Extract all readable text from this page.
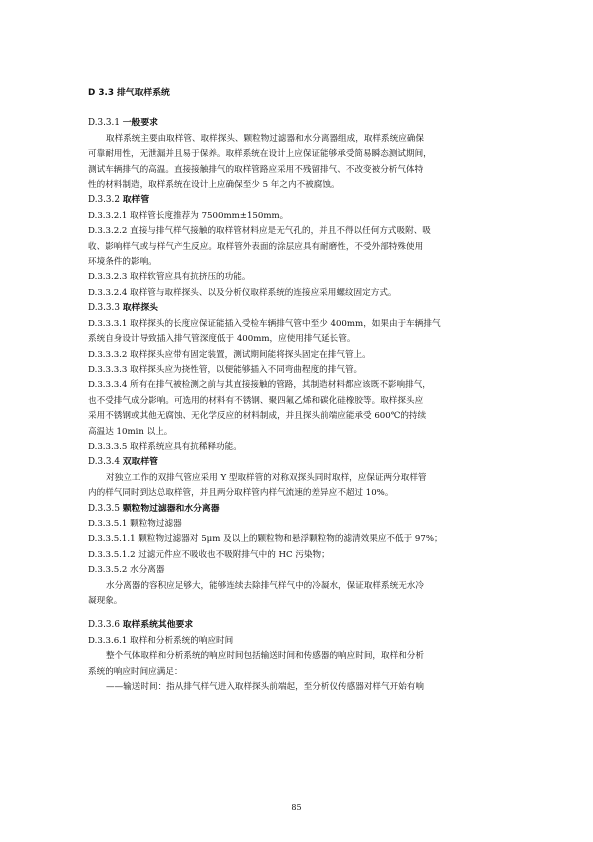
D 3.3 排气取样系统
D.3.3.1 一般要求
取样系统主要由取样管、取样探头、颗粒物过滤器和水分离器组成，取样系统应确保
可靠耐用性，无泄漏并且易于保养。取样系统在设计上应保证能够承受简易瞬态测试期间，
测试车辆排气的高温。直接接触排气的取样管路应采用不残留排气、不改变被分析气体特
性的材料制造，取样系统在设计上应确保至少 5 年之内不被腐蚀。
D.3.3.2 取样管
D.3.3.2.1 取样管长度推荐为 7500mm±150mm。
D.3.3.2.2 直接与排气样气接触的取样管材料应是无气孔的，并且不得以任何方式吸附、吸
收、影响样气或与样气产生反应。取样管外表面的涂层应具有耐磨性，不受外部特殊使用
环境条件的影响。
D.3.3.2.3 取样软管应具有抗挤压的功能。
D.3.3.2.4 取样管与取样探头、以及分析仪取样系统的连接应采用螺纹固定方式。
D.3.3.3 取样探头
D.3.3.3.1 取样探头的长度应保证能插入受检车辆排气管中至少 400mm，如果由于车辆排气
系统自身设计导致插入排气管深度低于 400mm，应使用排气延长管。
D.3.3.3.2 取样探头应带有固定装置，测试期间能将探头固定在排气管上。
D.3.3.3.3 取样探头应为挠性管，以便能够插入不同弯曲程度的排气管。
D.3.3.3.4 所有在排气被检测之前与其直接接触的管路，其制造材料都应该既不影响排气，
也不受排气成分影响。可选用的材料有不锈钢、聚四氟乙烯和碳化硅橡胶等。取样探头应
采用不锈钢或其他无腐蚀、无化学反应的材料制成，并且探头前端应能承受 600℃的持续
高温达 10min 以上。
D.3.3.3.5 取样系统应具有抗稀释功能。
D.3.3.4 双取样管
对独立工作的双排气管应采用 Y 型取样管的对称双探头同时取样，应保证两分取样管
内的样气同时到达总取样管，并且两分取样管内样气流速的差异应不超过 10%。
D.3.3.5 颗粒物过滤器和水分离器
D.3.3.5.1 颗粒物过滤器
D.3.3.5.1.1 颗粒物过滤器对 5μm 及以上的颗粒物和悬浮颗粒物的滤清效果应不低于 97%；
D.3.3.5.1.2 过滤元件应不吸收也不吸附排气中的 HC 污染物；
D.3.3.5.2 水分离器
水分离器的容积应足够大，能够连续去除排气样气中的冷凝水，保证取样系统无水冷
凝现象。
D.3.3.6 取样系统其他要求
D.3.3.6.1 取样和分析系统的响应时间
整个气体取样和分析系统的响应时间包括输送时间和传感器的响应时间，取样和分析
系统的响应时间应满足：
——输送时间：指从排气样气进入取样探头前端起，至分析仪传感器对样气开始有响
85
